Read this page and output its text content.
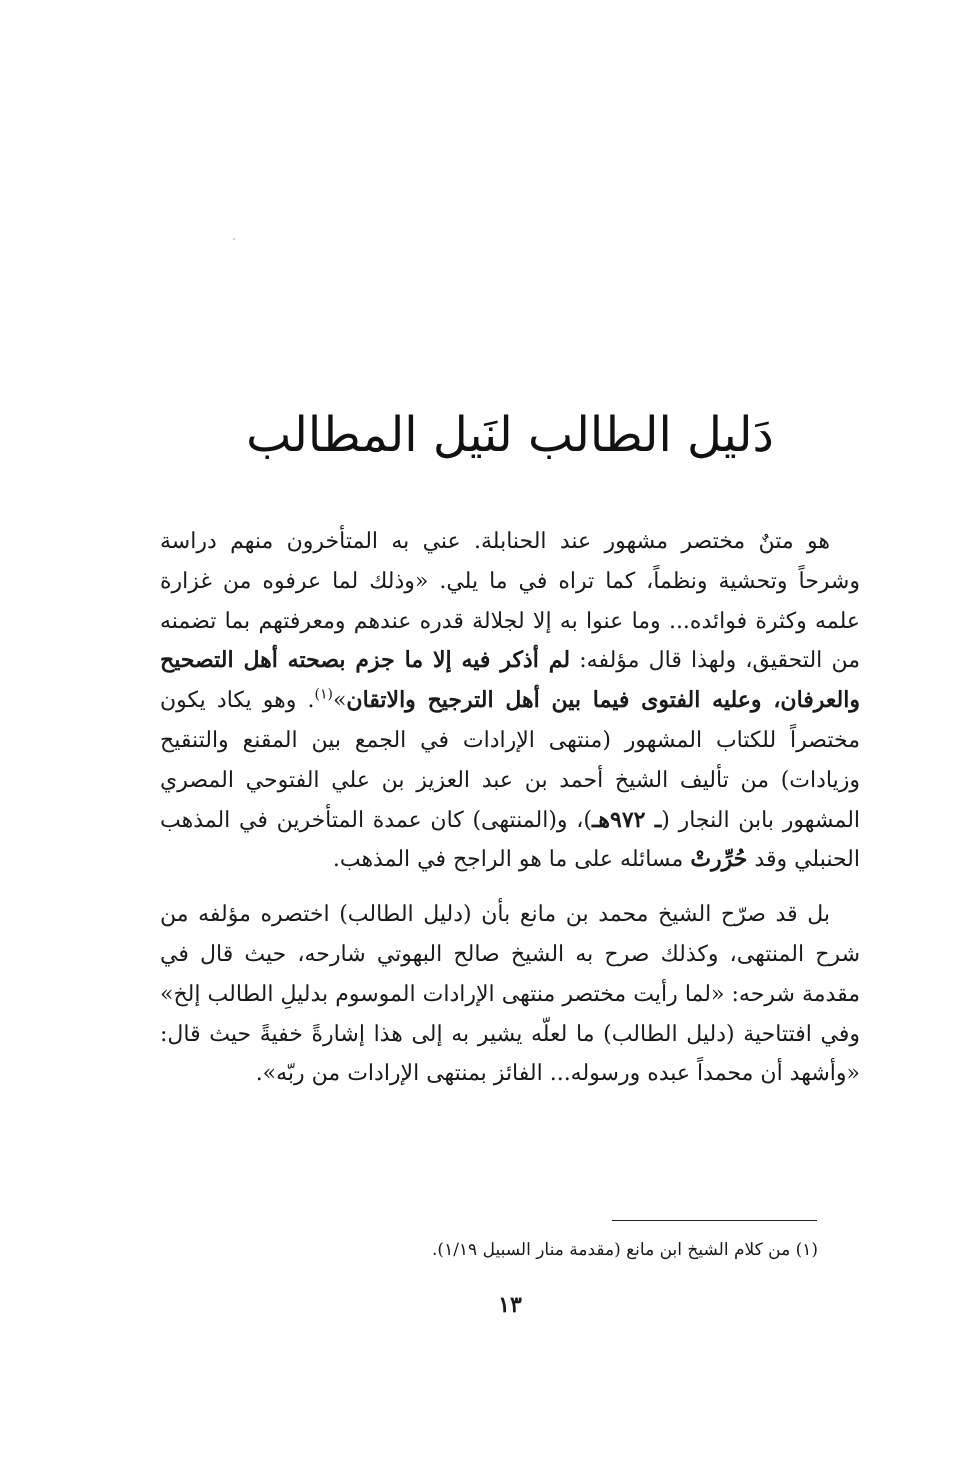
دَليل الطالب لنَيل المطالب

هو متنٌ مختصر مشهور عند الحنابلة. عني به المتأخرون منهم دراسة وشرحاً وتحشية ونظماً، كما تراه في ما يلي. «وذلك لما عرفوه من غزارة علمه وكثرة فوائده... وما عنوا به إلا لجلالة قدره عندهم ومعرفتهم بما تضمنه من التحقيق، ولهذا قال مؤلفه: لم أذكر فيه إلا ما جزم بصحته أهل التصحيح والعرفان، وعليه الفتوى فيما بين أهل الترجيح والاتقان»$^{(١)}$. وهو يكاد يكون مختصراً للكتاب المشهور (منتهى الإرادات في الجمع بين المقنع والتنقيح وزيادات) من تأليف الشيخ أحمد بن عبد العزيز بن علي الفتوحي المصري المشهور بابن النجار (ـ ٩٧٢هـ)، و(المنتهى) كان عمدة المتأخرين في المذهب الحنبلي وقد حُرِّرتْ مسائله على ما هو الراجح في المذهب.

بل قد صرّح الشيخ محمد بن مانع بأن (دليل الطالب) اختصره مؤلفه من شرح المنتهى، وكذلك صرح به الشيخ صالح البهوتي شارحه، حيث قال في مقدمة شرحه: «لما رأيت مختصر منتهى الإرادات الموسوم بدليلِ الطالب إلخ» وفي افتتاحية (دليل الطالب) ما لعلّه يشير به إلى هذا إشارةً خفيةً حيث قال: «وأشهد أن محمداً عبده ورسوله... الفائز بمنتهى الإرادات من ربّه».

(١) من كلام الشيخ ابن مانع (مقدمة منار السبيل ١/١٩).
١٣
